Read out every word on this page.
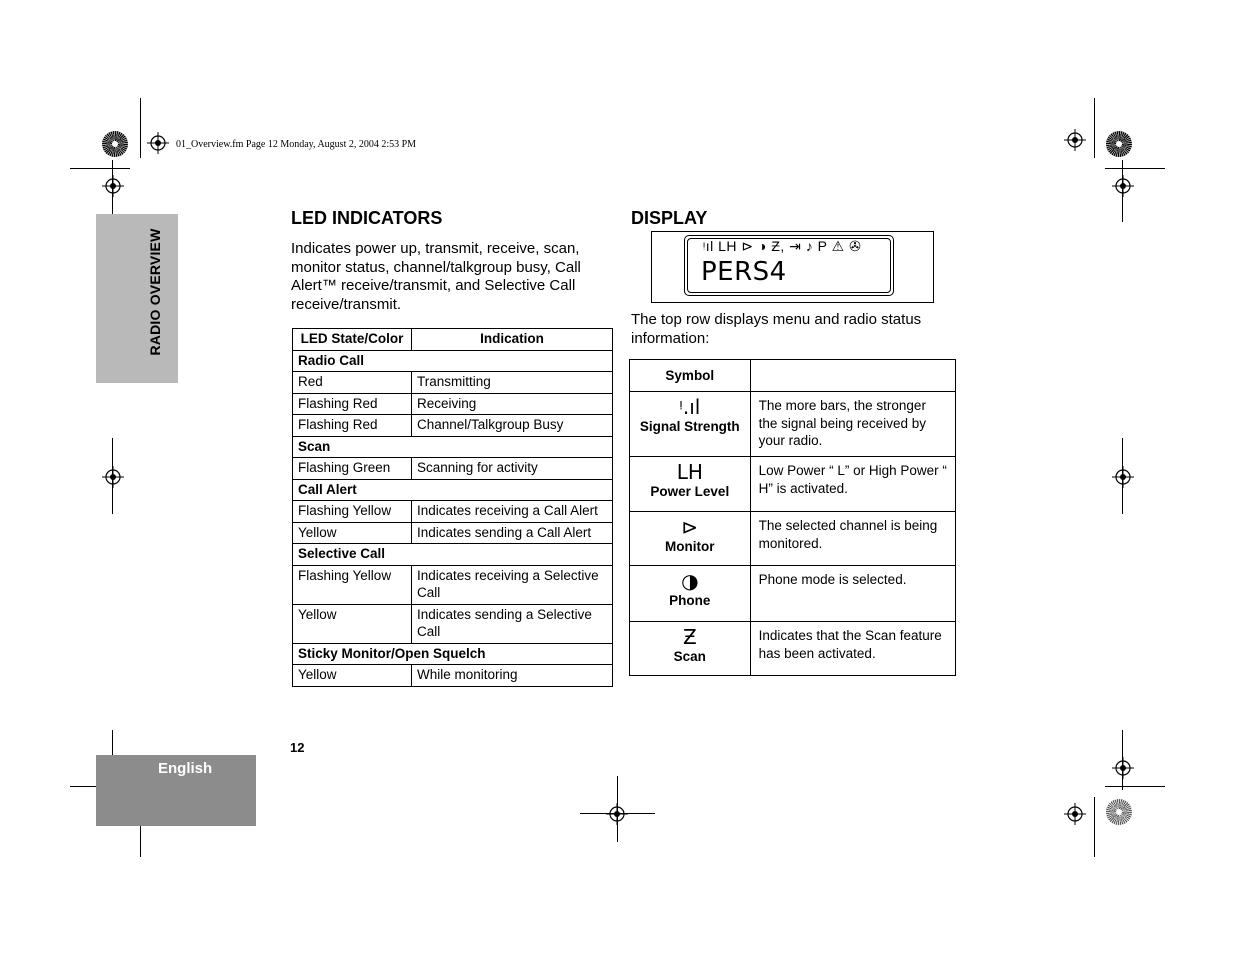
01_Overview.fm Page 12 Monday, August 2, 2004 2:53 PM
RADIO OVERVIEW
English
12
LED INDICATORS
Indicates power up, transmit, receive, scan, monitor status, channel/talkgroup busy, Call Alert™ receive/transmit, and Selective Call receive/transmit.
LED State/Color	Indication
Radio Call	
Red	Transmitting
Flashing Red	Receiving
Flashing Red	Channel/Talkgroup Busy
Scan	
Flashing Green	Scanning for activity
Call Alert	
Flashing Yellow	Indicates receiving a Call Alert
Yellow	Indicates sending a Call Alert
Selective Call	
Flashing Yellow	Indicates receiving a Selective Call
Yellow	Indicates sending a Selective Call
Sticky Monitor/Open Squelch	
Yellow	While monitoring
DISPLAY
ᵎıl LH ⊳ ◑ Ƶ, ⇥ ♪ P ⚠ ✇
PERS4
The top row displays menu and radio status information:
Symbol	

ᵎ.ıl
Signal Strength	The more bars, the stronger the signal being received by your radio.

LH
Power Level	Low Power “ L” or High Power “ H” is activated.

⊳
Monitor	The selected channel is being monitored.

◑
Phone	Phone mode is selected.

Ƶ
Scan	Indicates that the Scan feature has been activated.
